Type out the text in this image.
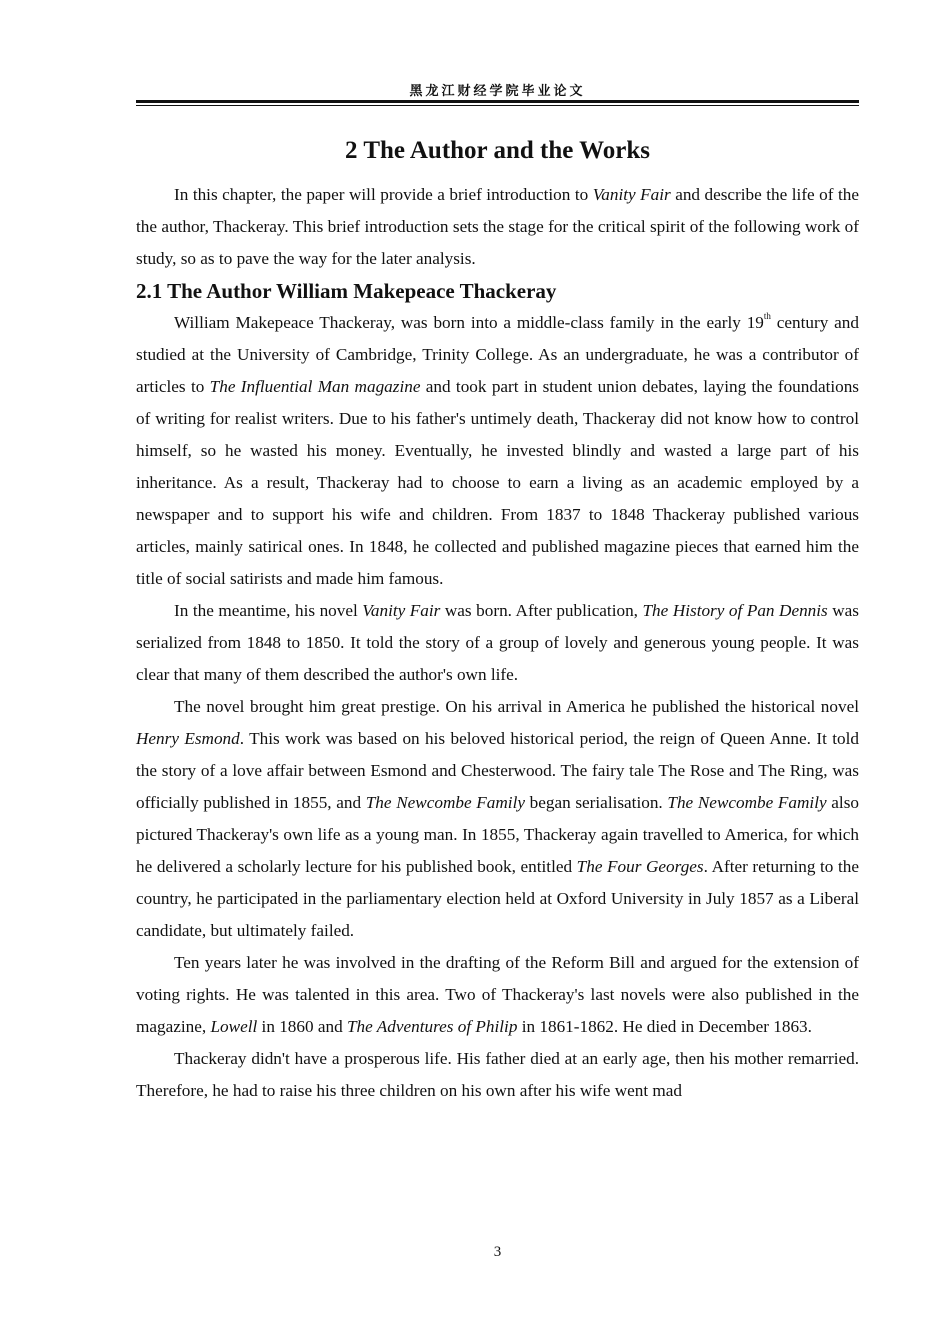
黑龙江财经学院毕业论文
2 The Author and the Works

In this chapter, the paper will provide a brief introduction to Vanity Fair and describe the life of the the author, Thackeray. This brief introduction sets the stage for the critical spirit of the following work of study, so as to pave the way for the later analysis.

2.1 The Author William Makepeace Thackeray

William Makepeace Thackeray, was born into a middle-class family in the early 19th century and studied at the University of Cambridge, Trinity College. As an undergraduate, he was a contributor of articles to The Influential Man magazine and took part in student union debates, laying the foundations of writing for realist writers. Due to his father's untimely death, Thackeray did not know how to control himself, so he wasted his money. Eventually, he invested blindly and wasted a large part of his inheritance. As a result, Thackeray had to choose to earn a living as an academic employed by a newspaper and to support his wife and children. From 1837 to 1848 Thackeray published various articles, mainly satirical ones. In 1848, he collected and published magazine pieces that earned him the title of social satirists and made him famous.

In the meantime, his novel Vanity Fair was born. After publication, The History of Pan Dennis was serialized from 1848 to 1850. It told the story of a group of lovely and generous young people. It was clear that many of them described the author's own life.

The novel brought him great prestige. On his arrival in America he published the historical novel Henry Esmond. This work was based on his beloved historical period, the reign of Queen Anne. It told the story of a love affair between Esmond and Chesterwood. The fairy tale The Rose and The Ring, was officially published in 1855, and The Newcombe Family began serialisation. The Newcombe Family also pictured Thackeray's own life as a young man. In 1855, Thackeray again travelled to America, for which he delivered a scholarly lecture for his published book, entitled The Four Georges. After returning to the country, he participated in the parliamentary election held at Oxford University in July 1857 as a Liberal candidate, but ultimately failed.

Ten years later he was involved in the drafting of the Reform Bill and argued for the extension of voting rights. He was talented in this area. Two of Thackeray's last novels were also published in the magazine, Lowell in 1860 and The Adventures of Philip in 1861-1862. He died in December 1863.

Thackeray didn't have a prosperous life. His father died at an early age, then his mother remarried. Therefore, he had to raise his three children on his own after his wife went mad

3
